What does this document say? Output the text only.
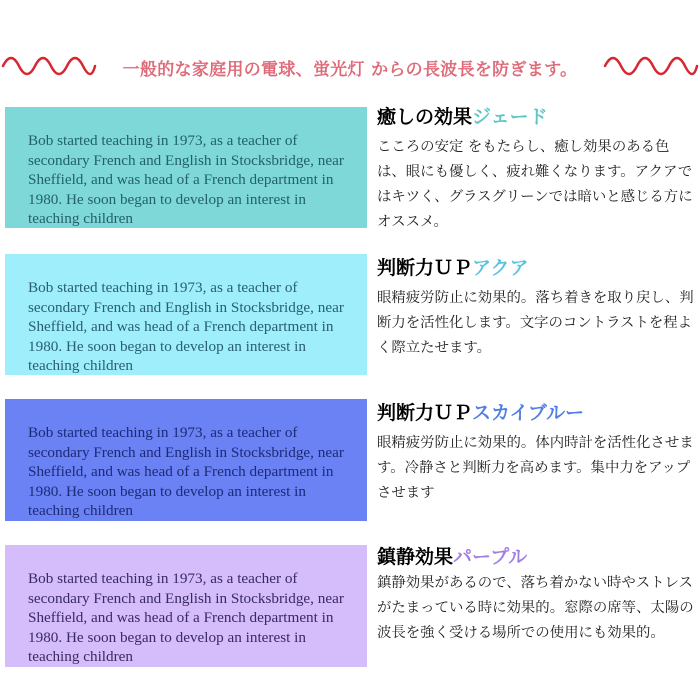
一般的な家庭用の電球、蛍光灯 からの長波長を防ぎます。
Bob started teaching in 1973, as a teacher of secondary French and English in Stocksbridge, near Sheffield, and was head of a French department in 1980. He soon began to develop an interest in teaching children
癒しの効果ジェード
こころの安定 をもたらし、癒し効果のある色は、眼にも優しく、疲れ難くなります。アクアではキツく、グラスグリーンでは暗いと感じる方にオススメ。
Bob started teaching in 1973, as a teacher of secondary French and English in Stocksbridge, near Sheffield, and was head of a French department in 1980. He soon began to develop an interest in teaching children
判断力ＵＰアクア
眼精疲労防止に効果的。落ち着きを取り戻し、判断力を活性化します。文字のコントラストを程よく際立たせます。
Bob started teaching in 1973, as a teacher of secondary French and English in Stocksbridge, near Sheffield, and was head of a French department in 1980. He soon began to develop an interest in teaching children
判断力ＵＰスカイブルー
眼精疲労防止に効果的。体内時計を活性化させます。冷静さと判断力を高めます。集中力をアップさせます
Bob started teaching in 1973, as a teacher of secondary French and English in Stocksbridge, near Sheffield, and was head of a French department in 1980. He soon began to develop an interest in teaching children
鎮静効果パープル
鎮静効果があるので、落ち着かない時やストレスがたまっている時に効果的。窓際の席等、太陽の波長を強く受ける場所での使用にも効果的。
